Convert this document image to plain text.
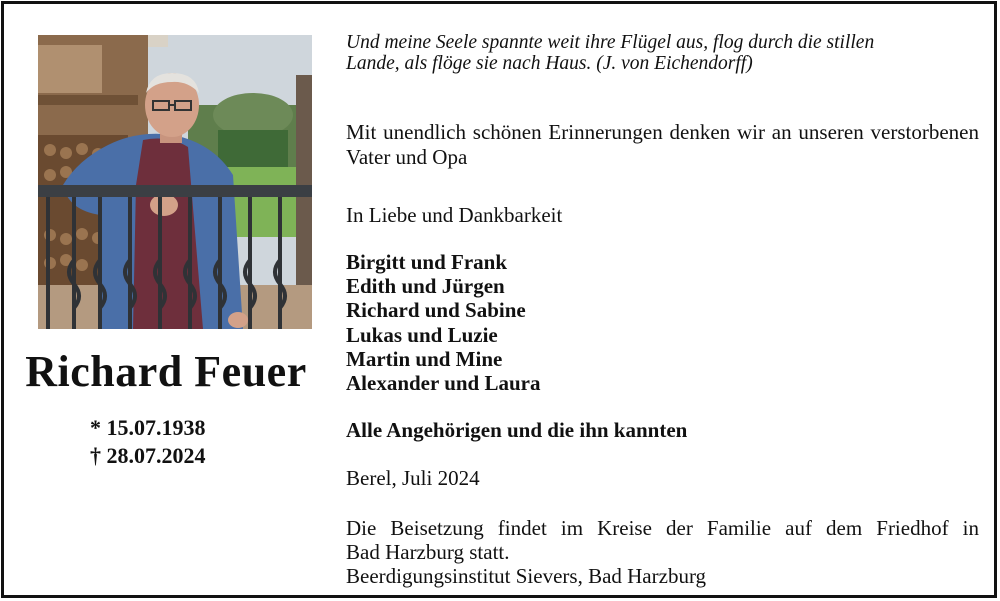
Richard Feuer
* 15.07.1938
† 28.07.2024
Und meine Seele spannte weit ihre Flügel aus, flog durch die stillen
Lande, als flöge sie nach Haus. (J. von Eichendorff)
Mit unendlich schönen Erinnerungen denken wir an unseren verstorbenen Vater und Opa
In Liebe und Dankbarkeit
Birgitt und Frank
Edith und Jürgen
Richard und Sabine
Lukas und Luzie
Martin und Mine
Alexander und Laura
Alle Angehörigen und die ihn kannten
Berel, Juli 2024
Die Beisetzung findet im Kreise der Familie auf dem Friedhof in
Bad Harzburg statt.
Beerdigungsinstitut Sievers, Bad Harzburg
